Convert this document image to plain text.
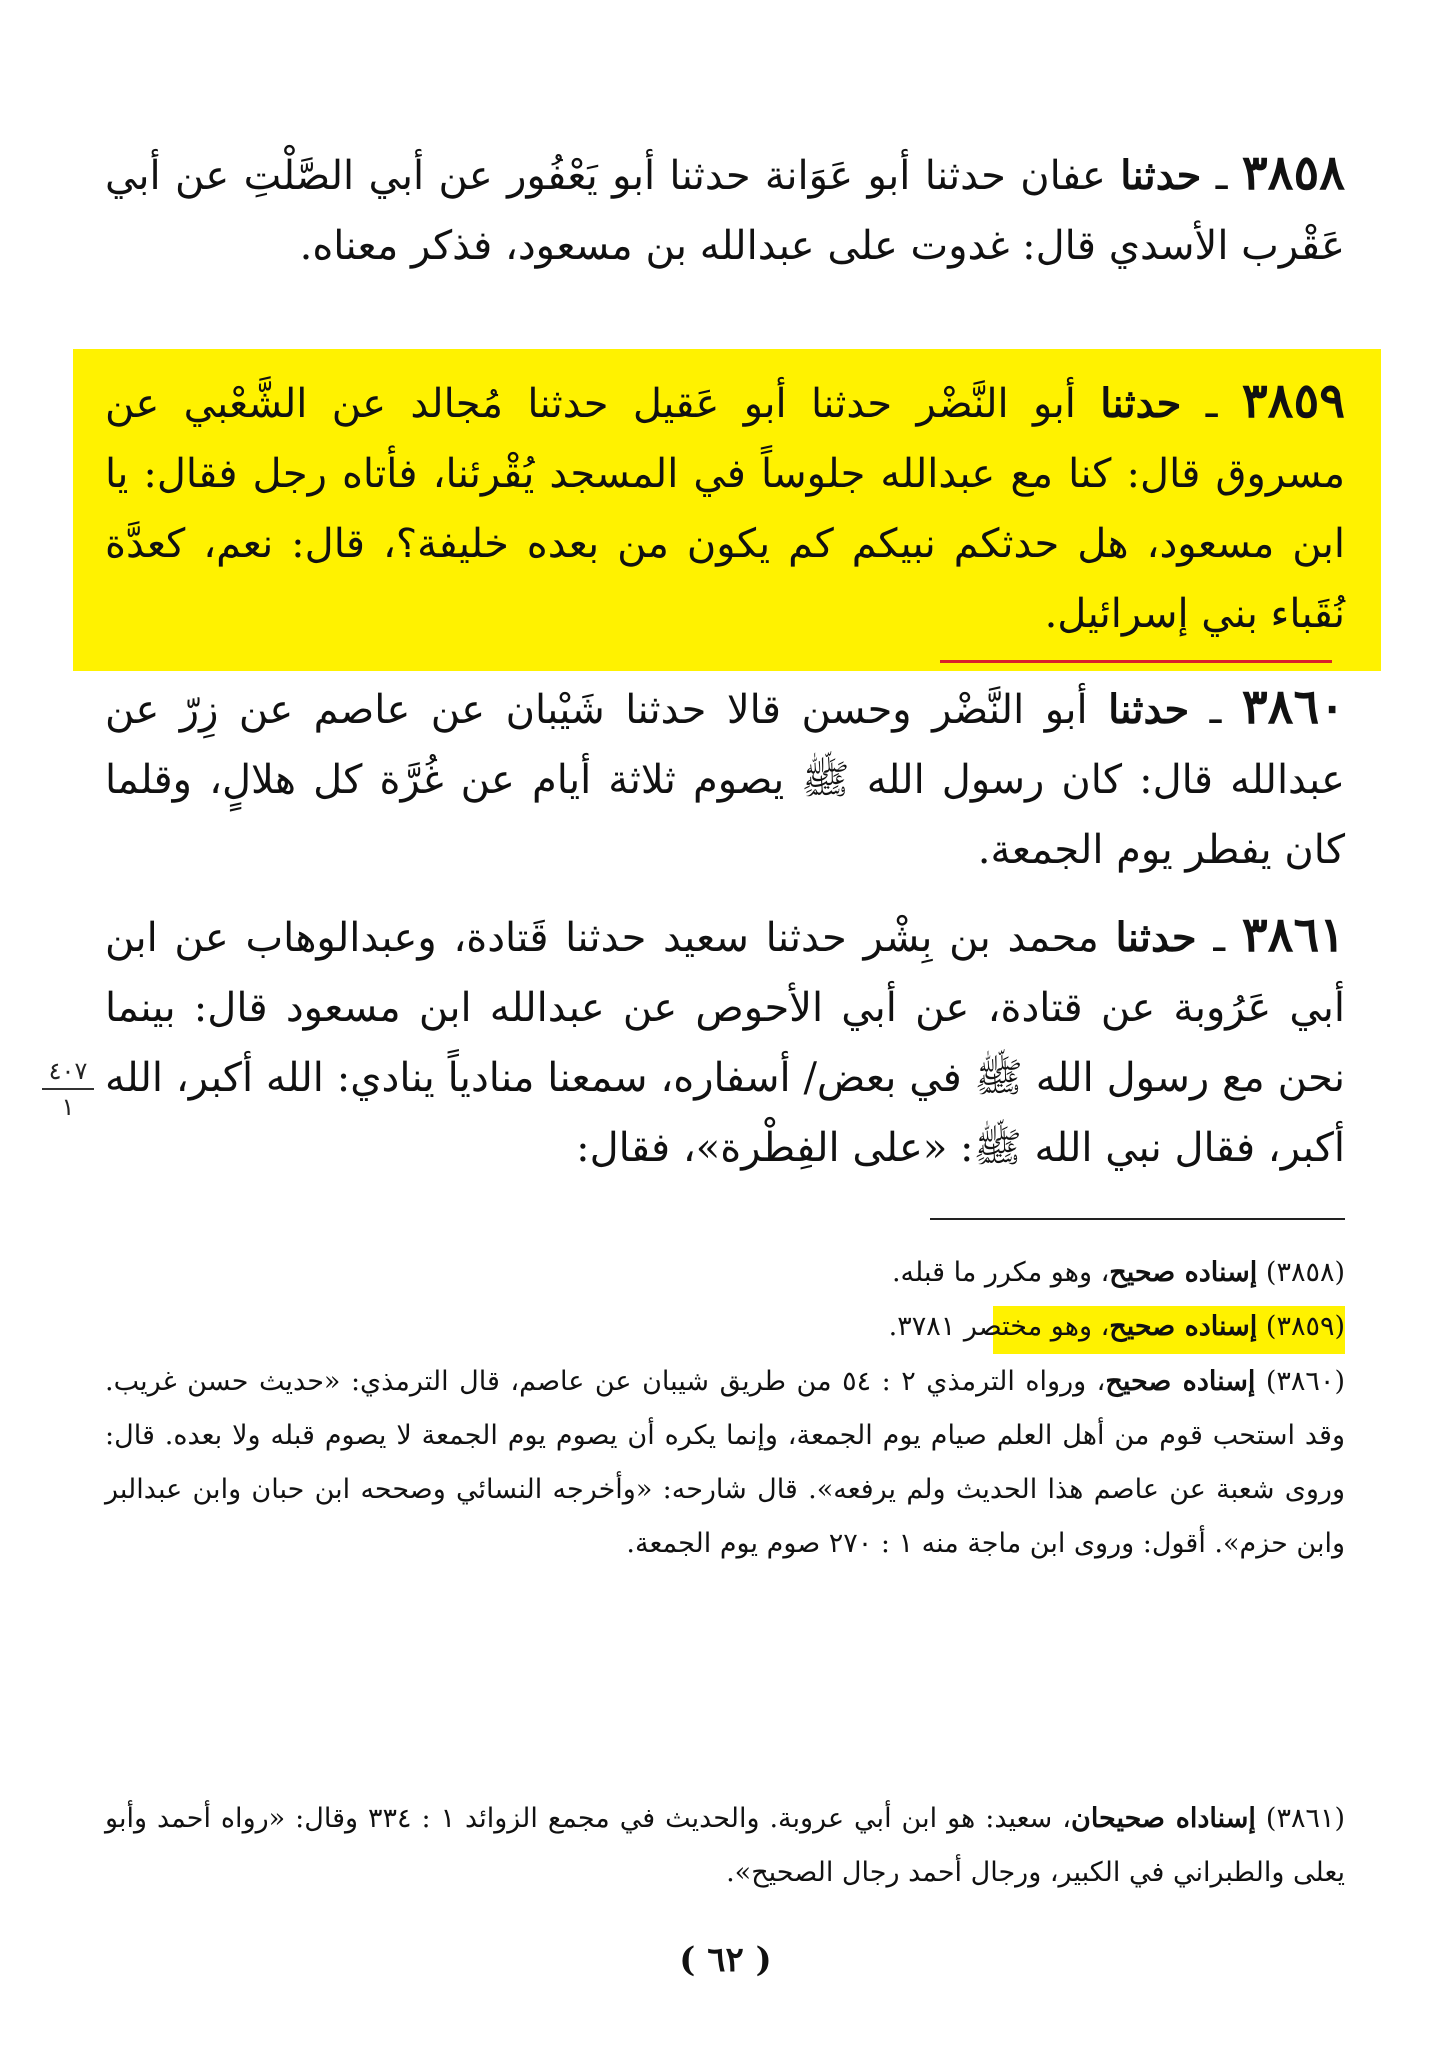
٣٨٥٨ ـ حدثنا عفان حدثنا أبو عَوَانة حدثنا أبو يَعْفُور عن أبي الصَّلْتِ عن أبي عَقْرب الأسدي قال: غدوت على عبدالله بن مسعود، فذكر معناه.

٣٨٥٩ ـ حدثنا أبو النَّضْر حدثنا أبو عَقيل حدثنا مُجالد عن الشَّعْبي عن مسروق قال: كنا مع عبدالله جلوساً في المسجد يُقْرئنا، فأتاه رجل فقال: يا ابن مسعود، هل حدثكم نبيكم كم يكون من بعده خليفة؟، قال: نعم، كعدَّة نُقَباء بني إسرائيل.

٣٨٦٠ ـ حدثنا أبو النَّضْر وحسن قالا حدثنا شَيْبان عن عاصم عن زِرّ عن عبدالله قال: كان رسول الله ﷺ يصوم ثلاثة أيام عن غُرَّة كل هلالٍ، وقلما كان يفطر يوم الجمعة.

٣٨٦١ ـ حدثنا محمد بن بِشْر حدثنا سعيد حدثنا قَتادة، وعبدالوهاب عن ابن أبي عَرُوبة عن قتادة، عن أبي الأحوص عن عبدالله ابن مسعود قال: بينما نحن مع رسول الله ﷺ في بعض/ أسفاره، سمعنا منادياً ينادي: الله أكبر، الله أكبر، فقال نبي الله ﷺ: «على الفِطْرة»، فقال:

٤٠٧
١

(٣٨٥٨) إسناده صحيح، وهو مكرر ما قبله.

(٣٨٥٩) إسناده صحيح، وهو مختصر ٣٧٨١.

(٣٨٦٠) إسناده صحيح، ورواه الترمذي ٢ : ٥٤ من طريق شيبان عن عاصم، قال الترمذي: «حديث حسن غريب. وقد استحب قوم من أهل العلم صيام يوم الجمعة، وإنما يكره أن يصوم يوم الجمعة لا يصوم قبله ولا بعده. قال: وروى شعبة عن عاصم هذا الحديث ولم يرفعه». قال شارحه: «وأخرجه النسائي وصححه ابن حبان وابن عبدالبر وابن حزم». أقول: وروى ابن ماجة منه ١ : ٢٧٠ صوم يوم الجمعة.

(٣٨٦١) إسناداه صحيحان، سعيد: هو ابن أبي عروبة. والحديث في مجمع الزوائد ١ : ٣٣٤ وقال: «رواه أحمد وأبو يعلى والطبراني في الكبير، ورجال أحمد رجال الصحيح».

( ٦٢ )
